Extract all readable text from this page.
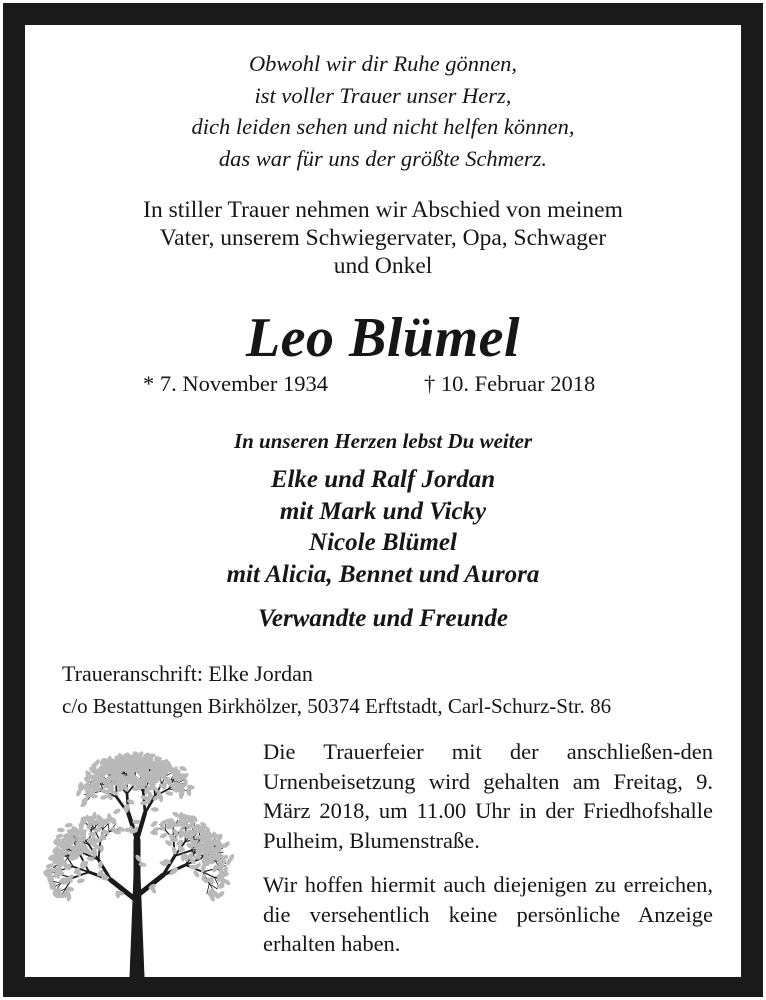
Obwohl wir dir Ruhe gönnen,
ist voller Trauer unser Herz,
dich leiden sehen und nicht helfen können,
das war für uns der größte Schmerz.
In stiller Trauer nehmen wir Abschied von meinem
Vater, unserem Schwiegervater, Opa, Schwager
und Onkel
Leo Blümel
* 7. November 1934	† 10. Februar 2018
In unseren Herzen lebst Du weiter
Elke und Ralf Jordan
mit Mark und Vicky
Nicole Blümel
mit Alicia, Bennet und Aurora
Verwandte und Freunde
Traueranschrift: Elke Jordan
c/o Bestattungen Birkhölzer, 50374 Erftstadt, Carl-Schurz-Str. 86

Die Trauerfeier mit der anschließen-den Urnenbeisetzung wird gehalten am Freitag, 9. März 2018, um 11.00 Uhr in der Friedhofshalle Pulheim, Blumenstraße.

Wir hoffen hiermit auch diejenigen zu erreichen, die versehentlich keine persönliche Anzeige erhalten haben.
